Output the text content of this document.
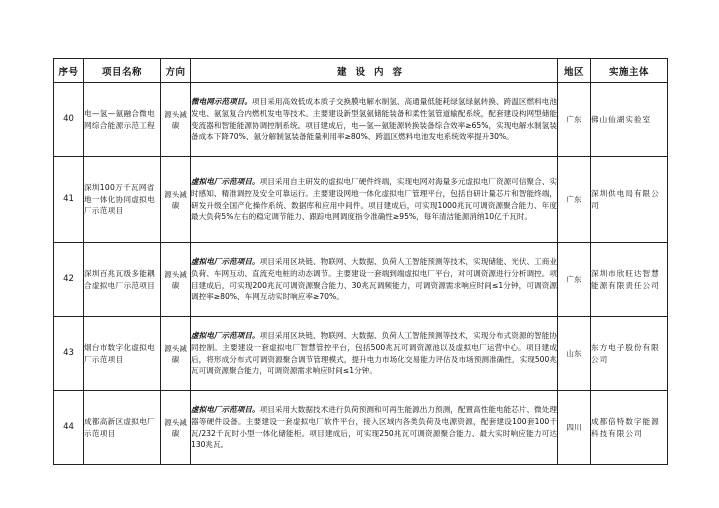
序号	项目名称	方向	建设内容	地区	实施主体
40	电—氢—氨融合微电网综合能源示范工程	源头减碳	微电网示范项目。项目采用高效低成本质子交换膜电解水制氢、高通量低能耗绿氢绿氨转换、跨温区燃料电池发电、氨氢复合内燃机发电等技术。主要建设新型氢氨储能装备和柔性氢管道输配系统，配套建设构网型储能变流器和智能能源协调控制系统。项目建成后，电—氢—氨能源转换装备综合效率≥65%，实现电解水制氢装备成本下降70%、氨分解制氢装备能量利用率≥80%、跨温区燃料电池发电系统效率提升30%。	广东	佛山仙湖实验室
41	深圳100万千瓦网省地一体化协同虚拟电厂示范项目	源头减碳	虚拟电厂示范项目。项目采用自主研发的虚拟电厂硬件终端，实现电网对海量多元虚拟电厂资源可信聚合、实时感知、精准调控及安全可靠运行。主要建设网地一体化虚拟电厂管理平台，包括自研计量芯片和智能终端，研发升级全国产化操作系统、数据库和应用中间件。项目建成后，可实现1000兆瓦可调资源聚合能力、年度最大负荷5%左右的稳定调节能力、跟踪电网调度指令准确性≥95%，每年清洁能源消纳10亿千瓦时。	广东	深圳供电局有限公司
42	深圳百兆瓦级多能耦合虚拟电厂示范项目	源头减碳	虚拟电厂示范项目。项目采用区块链、物联网、大数据、负荷人工智能预测等技术，实现储能、光伏、工商业负荷、车网互动、直流充电桩的动态调节。主要建设一套端到端虚拟电厂平台，对可调资源进行分析调控。项目建成后，可实现200兆瓦可调资源聚合能力、30兆瓦调频能力，可调资源需求响应时间≤1分钟，可调资源调控率≥80%、车网互动实时响应率≥70%。	广东	深圳市欣旺达智慧能源有限责任公司
43	烟台市数字化虚拟电厂示范项目	源头减碳	虚拟电厂示范项目。项目采用区块链、物联网、大数据、负荷人工智能预测等技术，实现分布式资源的智能协同控制。主要建设一套虚拟电厂智慧管控平台，包括500兆瓦可调资源池以及虚拟电厂运营中心。项目建成后，将形成分布式可调资源聚合调节管理模式，提升电力市场化交易能力评估及市场预测准确性，实现500兆瓦可调资源聚合能力，可调资源需求响应时间≤1分钟。	山东	东方电子股份有限公司
44	成都高新区虚拟电厂示范项目	源头减碳	虚拟电厂示范项目。项目采用大数据技术进行负荷预测和可再生能源出力预测，配置高性能电能芯片、微处理器等硬件设备。主要建设一套虚拟电厂软件平台，接入区域内各类负荷及电源资源，配套建设100套100千瓦/232千瓦时小型一体化储能柜。项目建成后，可实现250兆瓦可调资源聚合能力、最大实时响应能力可达130兆瓦。	四川	成都倍特数字能源科技有限公司
